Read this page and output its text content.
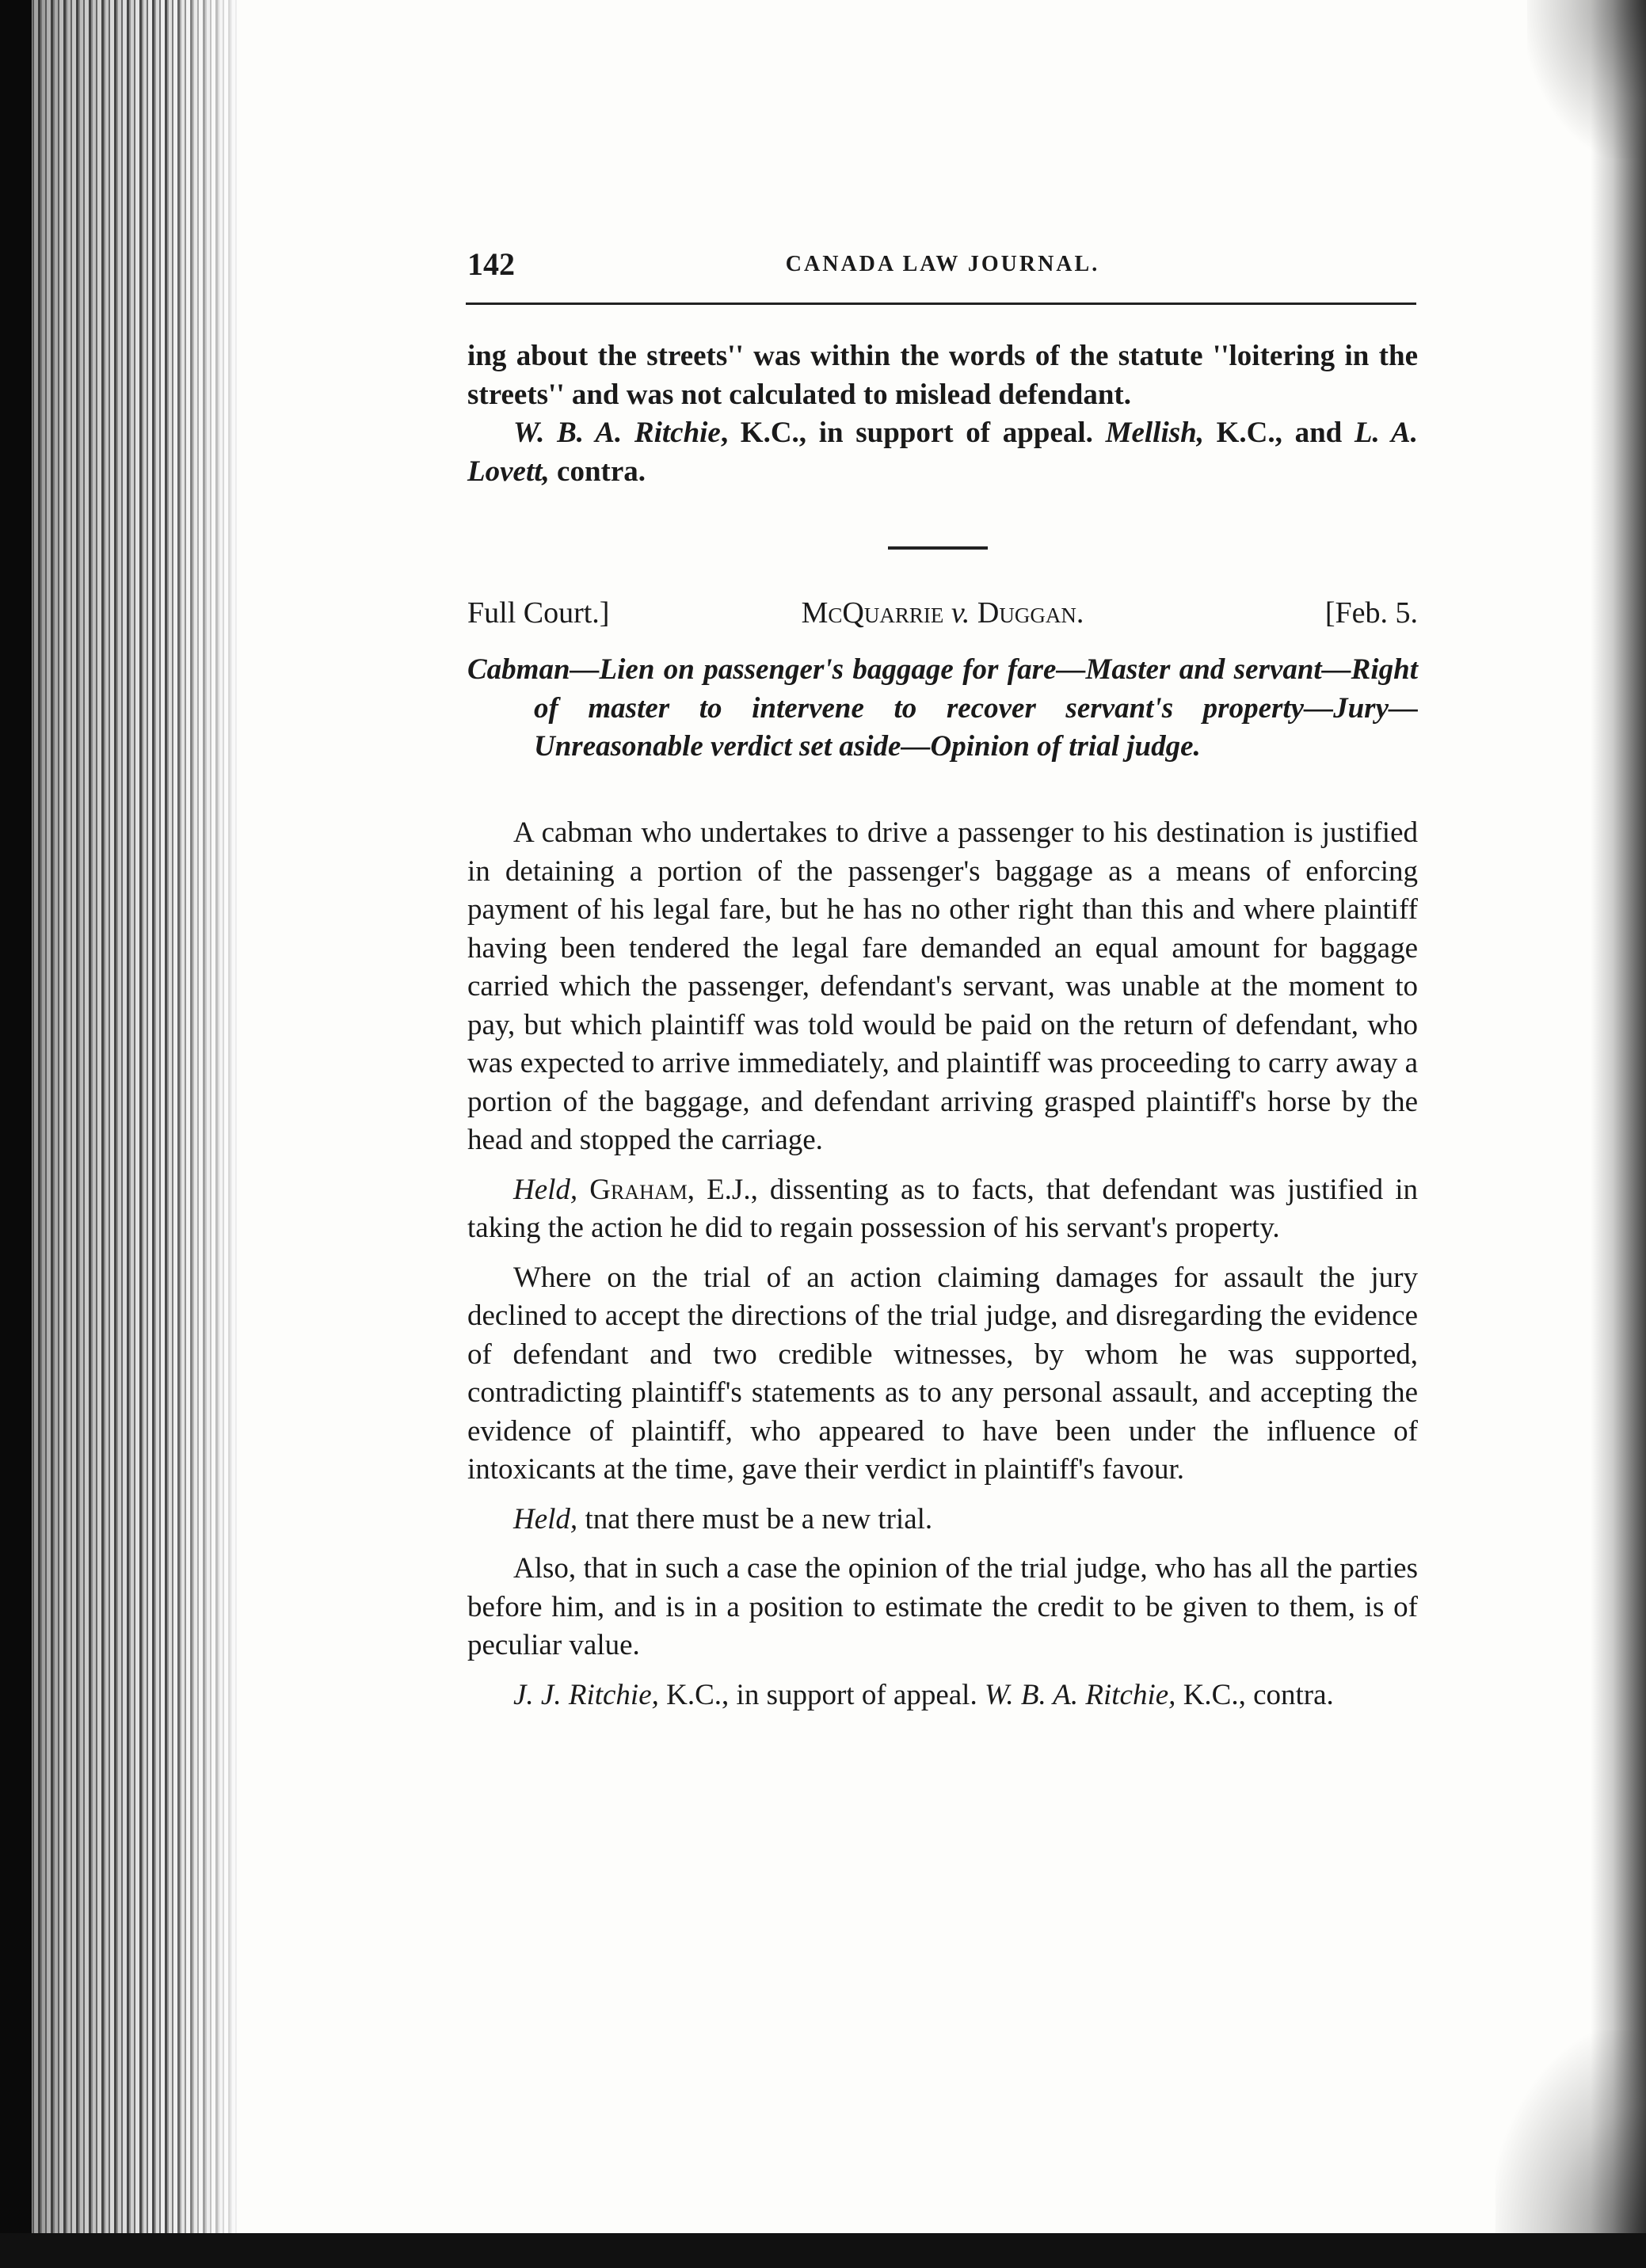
142	CANADA LAW JOURNAL.

ing about the streets'' was within the words of the statute ''loitering in the streets'' and was not calculated to mislead defendant.

W. B. A. Ritchie, K.C., in support of appeal. Mellish, K.C., and L. A. Lovett, contra.

Full Court.]	McQuarrie v. Duggan.	[Feb. 5.
Cabman—Lien on passenger's baggage for fare—Master and servant—Right of master to intervene to recover servant's property—Jury—Unreasonable verdict set aside—Opinion of trial judge.

A cabman who undertakes to drive a passenger to his destination is justified in detaining a portion of the passenger's baggage as a means of enforcing payment of his legal fare, but he has no other right than this and where plaintiff having been tendered the legal fare demanded an equal amount for baggage carried which the passenger, defendant's servant, was unable at the moment to pay, but which plaintiff was told would be paid on the return of defendant, who was expected to arrive immediately, and plaintiff was proceeding to carry away a portion of the baggage, and defendant arriving grasped plaintiff's horse by the head and stopped the carriage.

Held, Graham, E.J., dissenting as to facts, that defendant was justified in taking the action he did to regain possession of his servant's property.

Where on the trial of an action claiming damages for assault the jury declined to accept the directions of the trial judge, and disregarding the evidence of defendant and two credible witnesses, by whom he was supported, contradicting plaintiff's statements as to any personal assault, and accepting the evidence of plaintiff, who appeared to have been under the influence of intoxicants at the time, gave their verdict in plaintiff's favour.

Held, tnat there must be a new trial.

Also, that in such a case the opinion of the trial judge, who has all the parties before him, and is in a position to estimate the credit to be given to them, is of peculiar value.

J. J. Ritchie, K.C., in support of appeal. W. B. A. Ritchie, K.C., contra.
